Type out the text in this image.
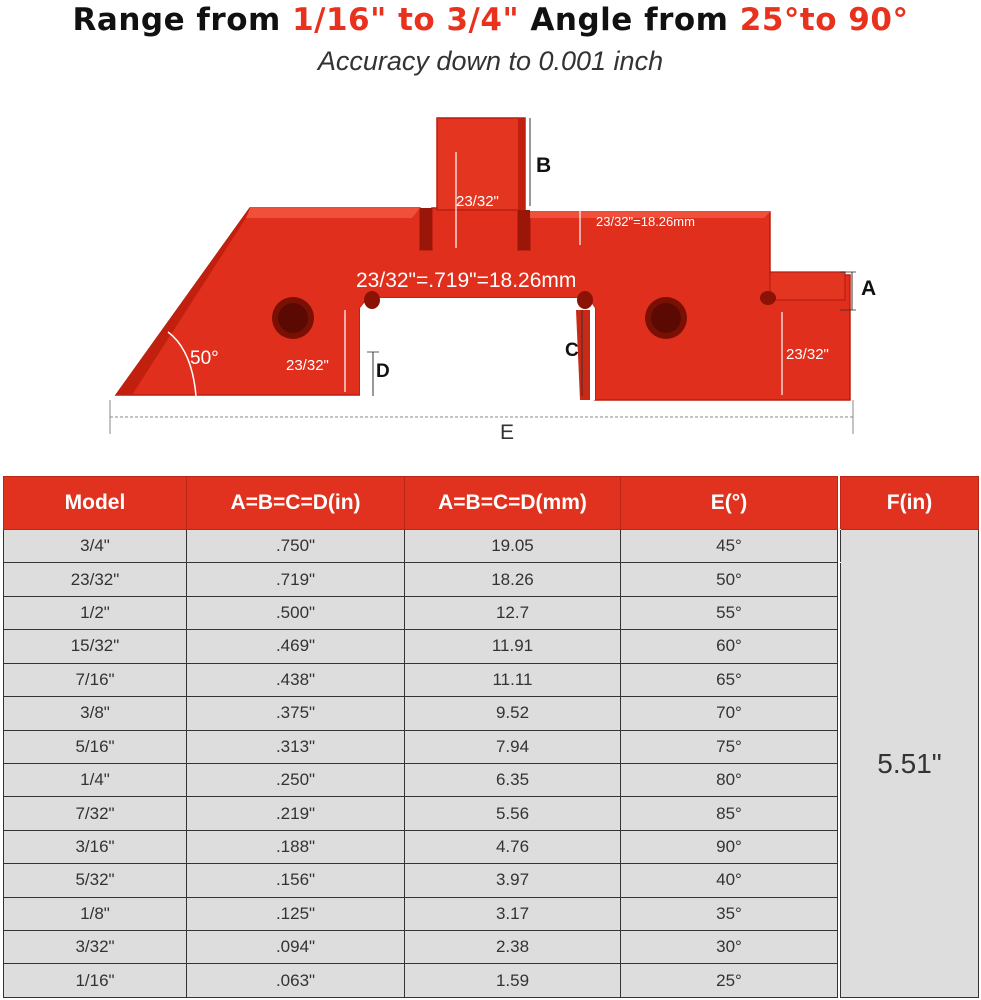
Range from 1/16" to 3/4" Angle from 25°to 90°
Accuracy down to 0.001 inch
B
A
C
D
E
23/32"
23/32"=18.26mm
23/32"=.719"=18.26mm
50°	23/32"
23/32"
Model	A=B=C=D(in)	A=B=C=D(mm)	E(°)		F(in)
3/4"	.750"	19.05	45°		5.51"
23/32"	.719"	18.26	50°		
1/2"	.500"	12.7	55°		
15/32"	.469"	11.91	60°		
7/16"	.438"	11.11	65°		
3/8"	.375"	9.52	70°		
5/16"	.313"	7.94	75°		
1/4"	.250"	6.35	80°		
7/32"	.219"	5.56	85°		
3/16"	.188"	4.76	90°		
5/32"	.156"	3.97	40°		
1/8"	.125"	3.17	35°		
3/32"	.094"	2.38	30°		
1/16"	.063"	1.59	25°		
